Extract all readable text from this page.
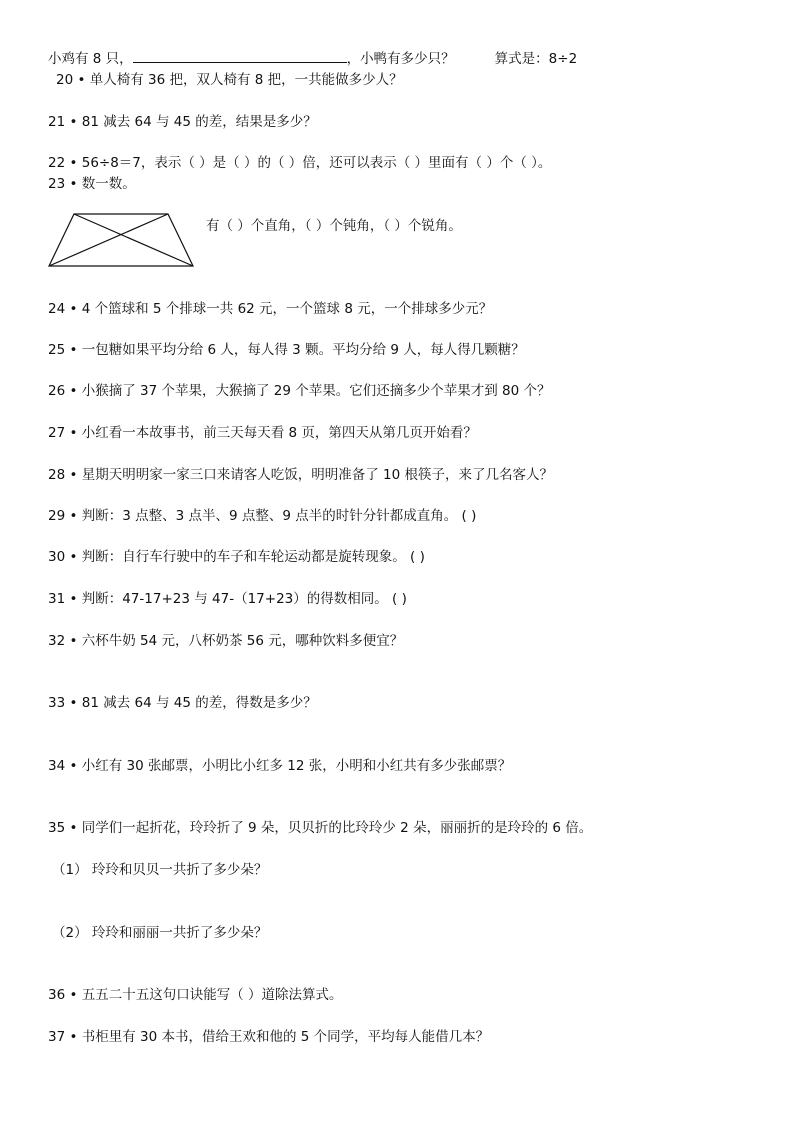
小鸡有 8 只，	，小鸭有多少只？	算式是：8÷2
20 • 单人椅有 36 把，双人椅有 8 把，一共能做多少人？
21 • 81 减去 64 与 45 的差，结果是多少？
22 • 56÷8＝7，表示（ ）是（ ）的（ ）倍，还可以表示（ ）里面有（ ）个（ ）。
23 • 数一数。
有（ ）个直角，（ ）个钝角，（ ）个锐角。
24 • 4 个篮球和 5 个排球一共 62 元，一个篮球 8 元，一个排球多少元？
25 • 一包糖如果平均分给 6 人，每人得 3 颗。平均分给 9 人，每人得几颗糖？
26 • 小猴摘了 37 个苹果，大猴摘了 29 个苹果。它们还摘多少个苹果才到 80 个？
27 • 小红看一本故事书，前三天每天看 8 页，第四天从第几页开始看？
28 • 星期天明明家一家三口来请客人吃饭，明明准备了 10 根筷子，来了几名客人？
29 • 判断：3 点整、3 点半、9 点整、9 点半的时针分针都成直角。 ( )
30 • 判断：自行车行驶中的车子和车轮运动都是旋转现象。 ( )
31 • 判断：47-17+23 与 47-（17+23）的得数相同。 ( )
32 • 六杯牛奶 54 元，八杯奶茶 56 元，哪种饮料多便宜？
33 • 81 减去 64 与 45 的差，得数是多少？
34 • 小红有 30 张邮票，小明比小红多 12 张，小明和小红共有多少张邮票？
35 • 同学们一起折花，玲玲折了 9 朵，贝贝折的比玲玲少 2 朵，丽丽折的是玲玲的 6 倍。
（1） 玲玲和贝贝一共折了多少朵？
（2） 玲玲和丽丽一共折了多少朵？
36 • 五五二十五这句口诀能写（ ）道除法算式。
37 • 书柜里有 30 本书，借给王欢和他的 5 个同学，平均每人能借几本？
